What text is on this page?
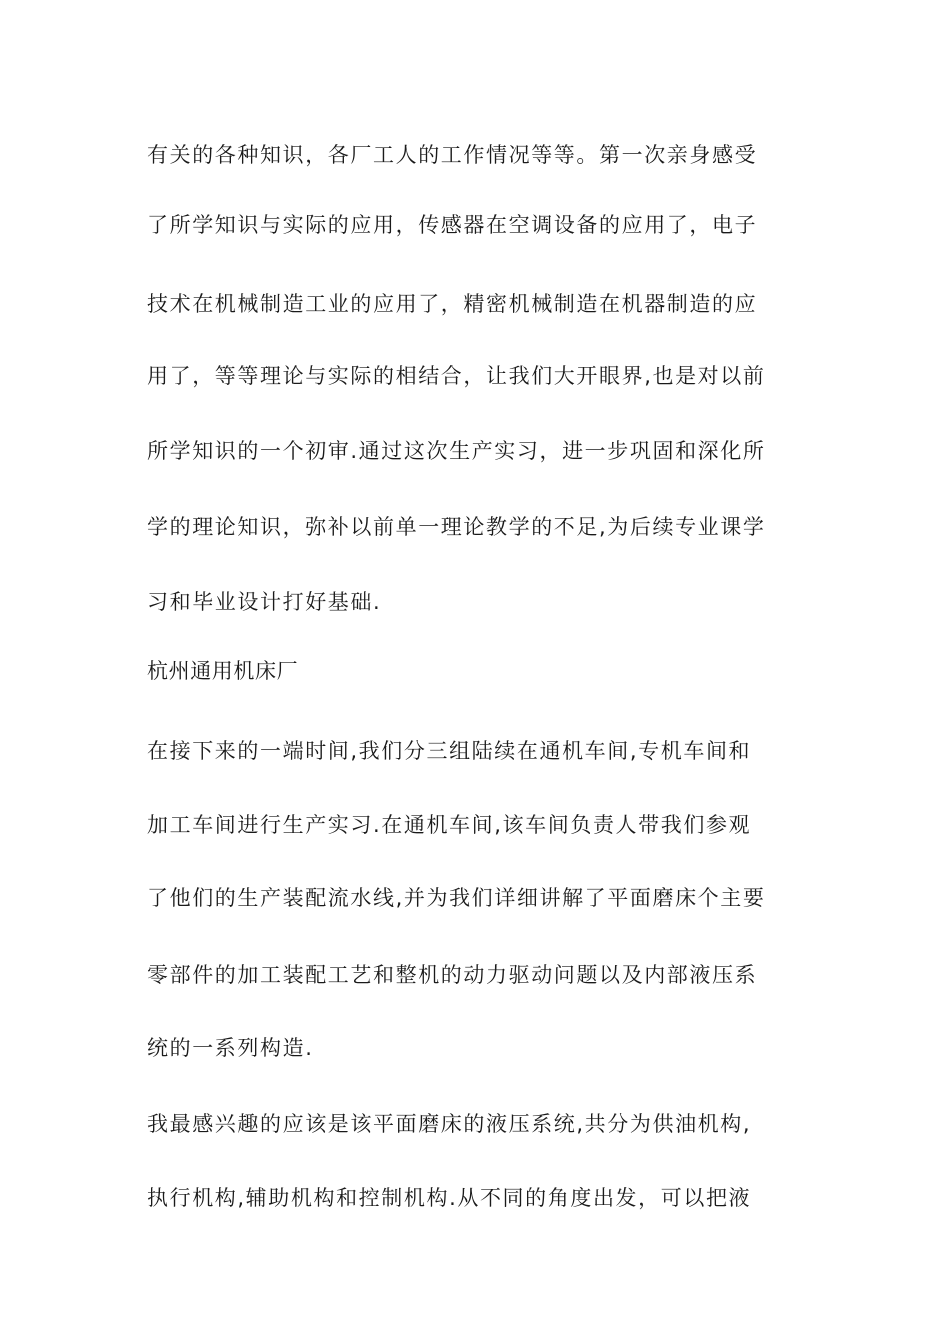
有关的各种知识，各厂工人的工作情况等等。第一次亲身感受

了所学知识与实际的应用，传感器在空调设备的应用了，电子

技术在机械制造工业的应用了，精密机械制造在机器制造的应

用了，等等理论与实际的相结合，让我们大开眼界,也是对以前

所学知识的一个初审.通过这次生产实习，进一步巩固和深化所

学的理论知识，弥补以前单一理论教学的不足,为后续专业课学

习和毕业设计打好基础.

杭州通用机床厂

在接下来的一端时间,我们分三组陆续在通机车间,专机车间和

加工车间进行生产实习.在通机车间,该车间负责人带我们参观

了他们的生产装配流水线,并为我们详细讲解了平面磨床个主要

零部件的加工装配工艺和整机的动力驱动问题以及内部液压系

统的一系列构造.

我最感兴趣的应该是该平面磨床的液压系统,共分为供油机构,

执行机构,辅助机构和控制机构.从不同的角度出发，可以把液
